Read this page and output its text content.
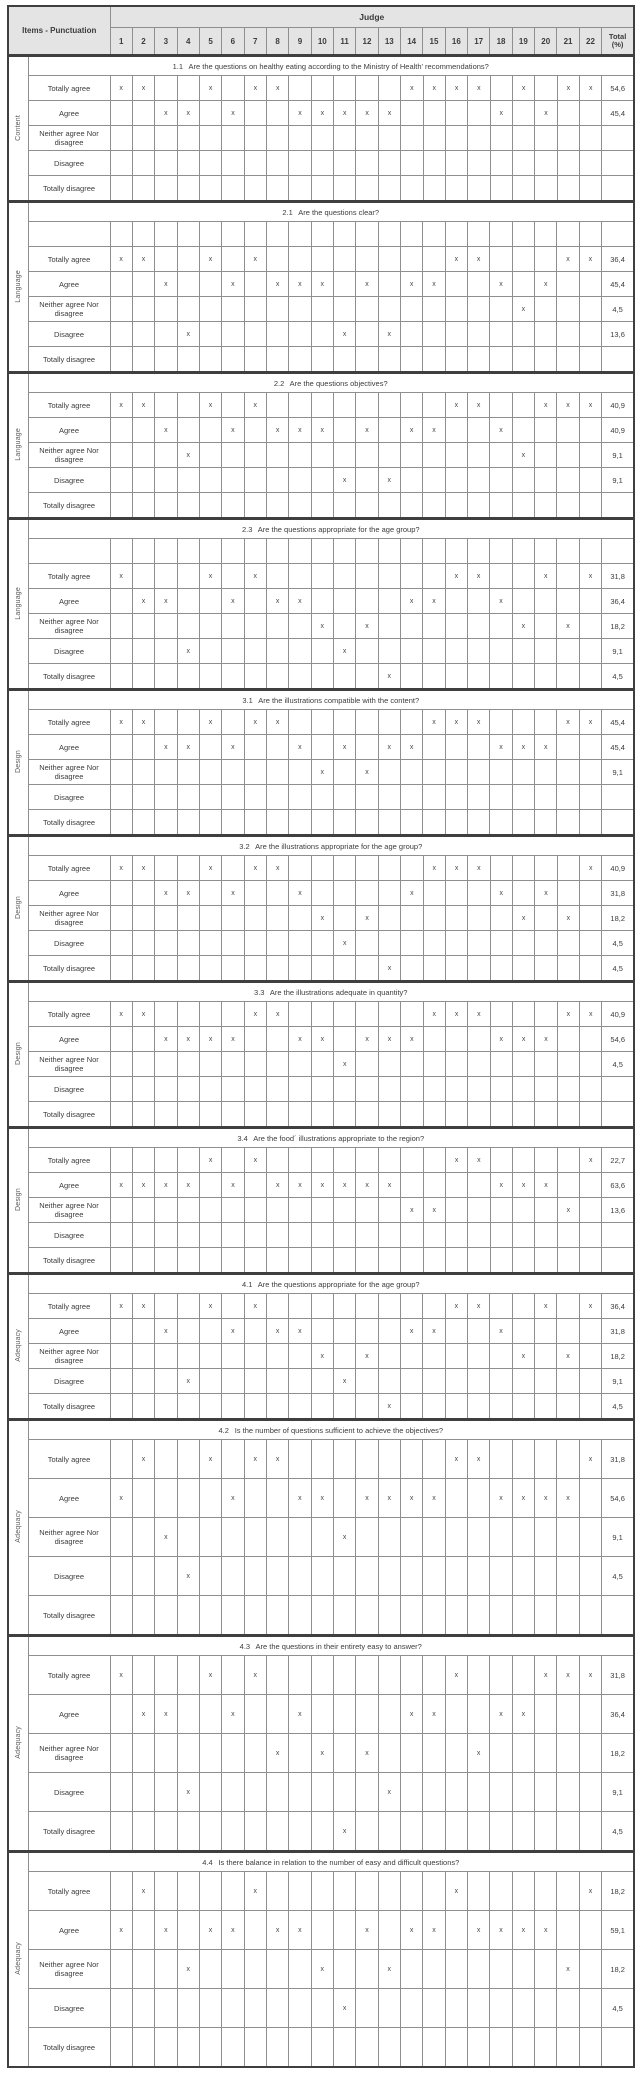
Items - Punctuation	Judge																						
	1	2	3	4	5	6	7	8	9	10	11	12	13	14	15	16	17	18	19	20	21	22	Total (%)
Content	1.1  Are the questions on healthy eating according to the Ministry of Health' recommendations?																							
	Totally agree	x	x			x		x	x						x	x	x	x		x		x	x	54,6
	Agree			x	x		x			x	x	x	x	x					x		x			45,4
	Neither agree Nor disagree																							
	Disagree																							
	Totally disagree																							
Language	2.1  Are the questions clear?																							

	Totally agree	x	x			x		x									x	x				x	x	36,4
	Agree			x			x		x	x	x		x		x	x			x		x			45,4
	Neither agree Nor disagree																			x				4,5
	Disagree				x							x		x										13,6
	Totally disagree																							
Language	2.2  Are the questions objectives?																							
	Totally agree	x	x			x		x									x	x			x	x	x	40,9
	Agree			x			x		x	x	x		x		x	x			x					40,9
	Neither agree Nor disagree				x															x				9,1
	Disagree											x		x										9,1
	Totally disagree																							
Language	2.3  Are the questions appropriate for the age group?																							

	Totally agree	x				x		x									x	x			x		x	31,8
	Agree		x	x			x		x	x					x	x			x					36,4
	Neither agree Nor disagree										x		x							x		x		18,2
	Disagree				x							x												9,1
	Totally disagree													x										4,5
Design	3.1  Are the illustrations compatible with the content?																							
	Totally agree	x	x			x		x	x							x	x	x				x	x	45,4
	Agree			x	x		x			x		x		x	x				x	x	x			45,4
	Neither agree Nor disagree										x		x											9,1
	Disagree																							
	Totally disagree																							
Design	3.2  Are the illustrations appropriate for the age group?																							
	Totally agree	x	x			x		x	x							x	x	x					x	40,9
	Agree			x	x		x			x					x				x		x			31,8
	Neither agree Nor disagree										x		x							x		x		18,2
	Disagree											x												4,5
	Totally disagree													x										4,5
Design	3.3  Are the illustrations adequate in quantity?																							
	Totally agree	x	x					x	x							x	x	x				x	x	40,9
	Agree			x	x	x	x			x	x		x	x	x				x	x	x			54,6
	Neither agree Nor disagree											x												4,5
	Disagree																							
	Totally disagree																							
Design	3.4  Are the food´ illustrations appropriate to the region?																							
	Totally agree					x		x									x	x					x	22,7
	Agree	x	x	x	x		x		x	x	x	x	x	x					x	x	x			63,6
	Neither agree Nor disagree														x	x						x		13,6
	Disagree																							
	Totally disagree																							
Adequacy	4.1  Are the questions appropriate for the age group?																							
	Totally agree	x	x			x		x									x	x			x		x	36,4
	Agree			x			x		x	x					x	x			x					31,8
	Neither agree Nor disagree										x		x							x		x		18,2
	Disagree				x							x												9,1
	Totally disagree													x										4,5
Adequacy	4.2  Is the number of questions sufficient to achieve the objectives?																							
	Totally agree		x			x		x	x								x	x					x	31,8
	Agree	x					x			x	x		x	x	x	x			x	x	x	x		54,6
	Neither agree Nor disagree			x								x												9,1
	Disagree				x																			4,5
	Totally disagree																							
Adequacy	4.3  Are the questions in their entirety easy to answer?																							
	Totally agree	x				x		x									x				x	x	x	31,8
	Agree		x	x			x			x					x	x			x	x				36,4
	Neither agree Nor disagree								x		x		x					x						18,2
	Disagree				x									x										9,1
	Totally disagree											x												4,5
Adequacy	4.4  Is there balance in relation to the number of easy and difficult questions?																							
	Totally agree		x					x									x						x	18,2
	Agree	x		x		x	x		x	x			x		x	x		x	x	x	x			59,1
	Neither agree Nor disagree				x						x			x								x		18,2
	Disagree											x												4,5
	Totally disagree																							
